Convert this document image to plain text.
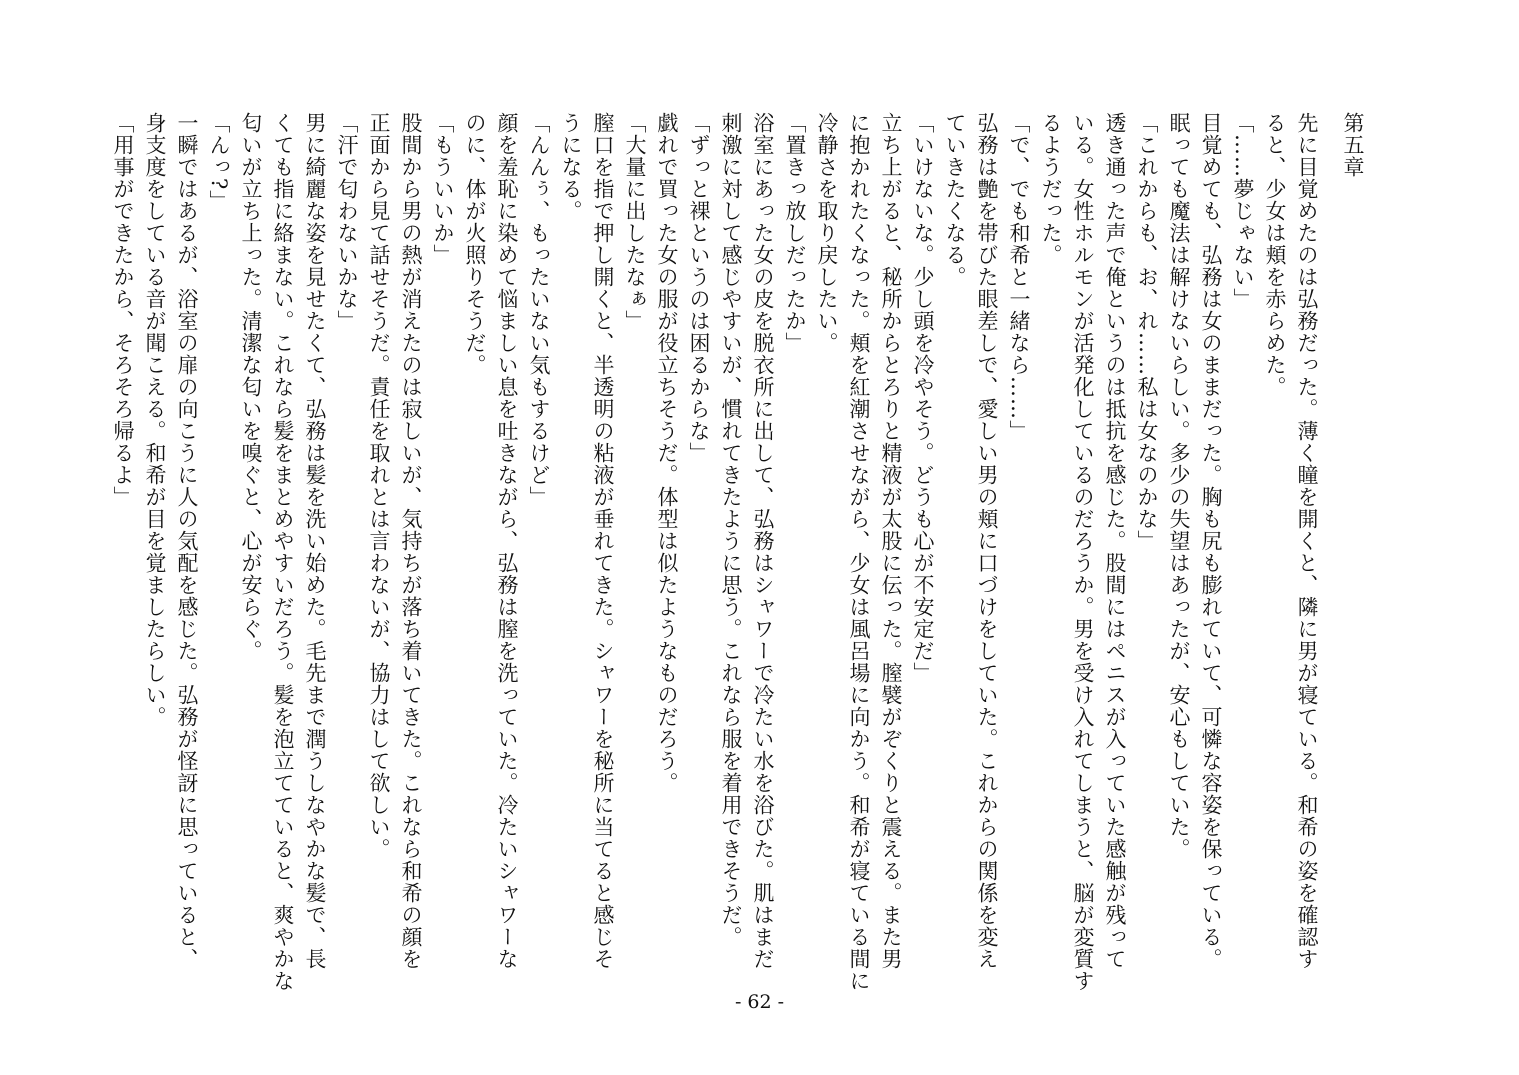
第五章
先に目覚めたのは弘務だった。薄く瞳を開くと、隣に男が寝ている。和希の姿を確認す
ると、少女は頬を赤らめた。
「……夢じゃない」
目覚めても、弘務は女のままだった。胸も尻も膨れていて、可憐な容姿を保っている。
眠っても魔法は解けないらしい。多少の失望はあったが、安心もしていた。
「これからも、お、れ……私は女なのかな」
透き通った声で俺というのは抵抗を感じた。股間にはペニスが入っていた感触が残って
いる。女性ホルモンが活発化しているのだろうか。男を受け入れてしまうと、脳が変質す
るようだった。
「で、でも和希と一緒なら……」
弘務は艶を帯びた眼差しで、愛しい男の頬に口づけをしていた。これからの関係を変え
ていきたくなる。
「いけないな。少し頭を冷やそう。どうも心が不安定だ」
立ち上がると、秘所からとろりと精液が太股に伝った。膣襞がぞくりと震える。また男
に抱かれたくなった。頬を紅潮させながら、少女は風呂場に向かう。和希が寝ている間に
冷静さを取り戻したい。
「置きっ放しだったか」
浴室にあった女の皮を脱衣所に出して、弘務はシャワーで冷たい水を浴びた。肌はまだ
刺激に対して感じやすいが、慣れてきたように思う。これなら服を着用できそうだ。
「ずっと裸というのは困るからな」
戯れで買った女の服が役立ちそうだ。体型は似たようなものだろう。
「大量に出したなぁ」
膣口を指で押し開くと、半透明の粘液が垂れてきた。シャワーを秘所に当てると感じそ
うになる。
「んんぅ、もったいない気もするけど」
顔を羞恥に染めて悩ましい息を吐きながら、弘務は膣を洗っていた。冷たいシャワーな
のに、体が火照りそうだ。
「もういいか」
股間から男の熱が消えたのは寂しいが、気持ちが落ち着いてきた。これなら和希の顔を
正面から見て話せそうだ。責任を取れとは言わないが、協力はして欲しい。
「汗で匂わないかな」
男に綺麗な姿を見せたくて、弘務は髪を洗い始めた。毛先まで潤うしなやかな髪で、長
くても指に絡まない。これなら髪をまとめやすいだろう。髪を泡立てていると、爽やかな
匂いが立ち上った。清潔な匂いを嗅ぐと、心が安らぐ。
「んっ?」
一瞬ではあるが、浴室の扉の向こうに人の気配を感じた。弘務が怪訝に思っていると、
身支度をしている音が聞こえる。和希が目を覚ましたらしい。
「用事ができたから、そろそろ帰るよ」
- 62 -
